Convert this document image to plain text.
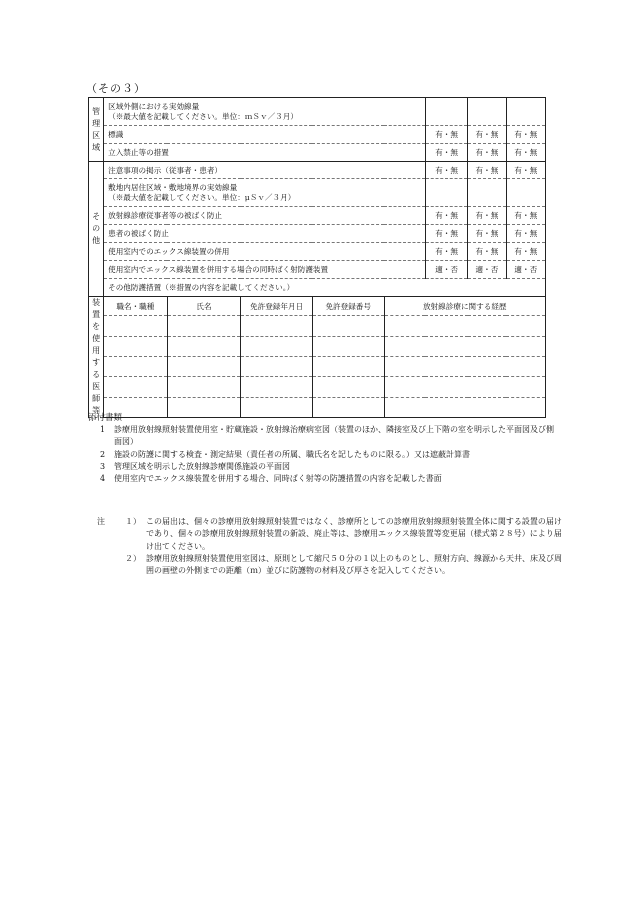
（その３）
管理区域	区域外側における実効線量
（※最大値を記載してください。単位：ｍＳｖ／３月）							

	標識					有・無	有・無	有・無
	立入禁止等の措置					有・無	有・無	有・無
その他	注意事項の掲示（従事者・患者）					有・無	有・無	有・無

	敷地内居住区域・敷地境界の実効線量
（※最大値を記載してください。単位：μＳｖ／３月）							

	放射線診療従事者等の被ばく防止					有・無	有・無	有・無
	患者の被ばく防止					有・無	有・無	有・無
	使用室内でのエックス線装置の併用					有・無	有・無	有・無
	使用室内でエックス線装置を併用する場合の同時ばく射防護装置					適・否	適・否	適・否
	その他防護措置（※措置の内容を記載してください。）							
装置を使用する医師等	職名・職種	氏名	免許登録年月日	免許登録番号	放射線診療に関する経歴			

添付書類
1	診療用放射線照射装置使用室・貯蔵施設・放射線治療病室図（装置のほか、隣接室及び上下階の室を明示した平面図及び側面図）
2	施設の防護に関する検査・測定結果（責任者の所属、職氏名を記したものに限る。）又は遮蔽計算書
3	管理区域を明示した放射線診療関係施設の平面図
4	使用室内でエックス線装置を併用する場合、同時ばく射等の防護措置の内容を記載した書面
注	１） この届出は、個々の診療用放射線照射装置ではなく、診療所としての診療用放射線照射装置全体に関する設置の届けであり、個々の診療用放射線照射装置の新設、廃止等は、診療用エックス線装置等変更届（様式第２８号）により届け出てください。
２） 診療用放射線照射装置使用室図は、原則として縮尺５０分の１以上のものとし、照射方向、線源から天井、床及び周囲の画壁の外側までの距離（ｍ）並びに防護物の材料及び厚さを記入してください。
